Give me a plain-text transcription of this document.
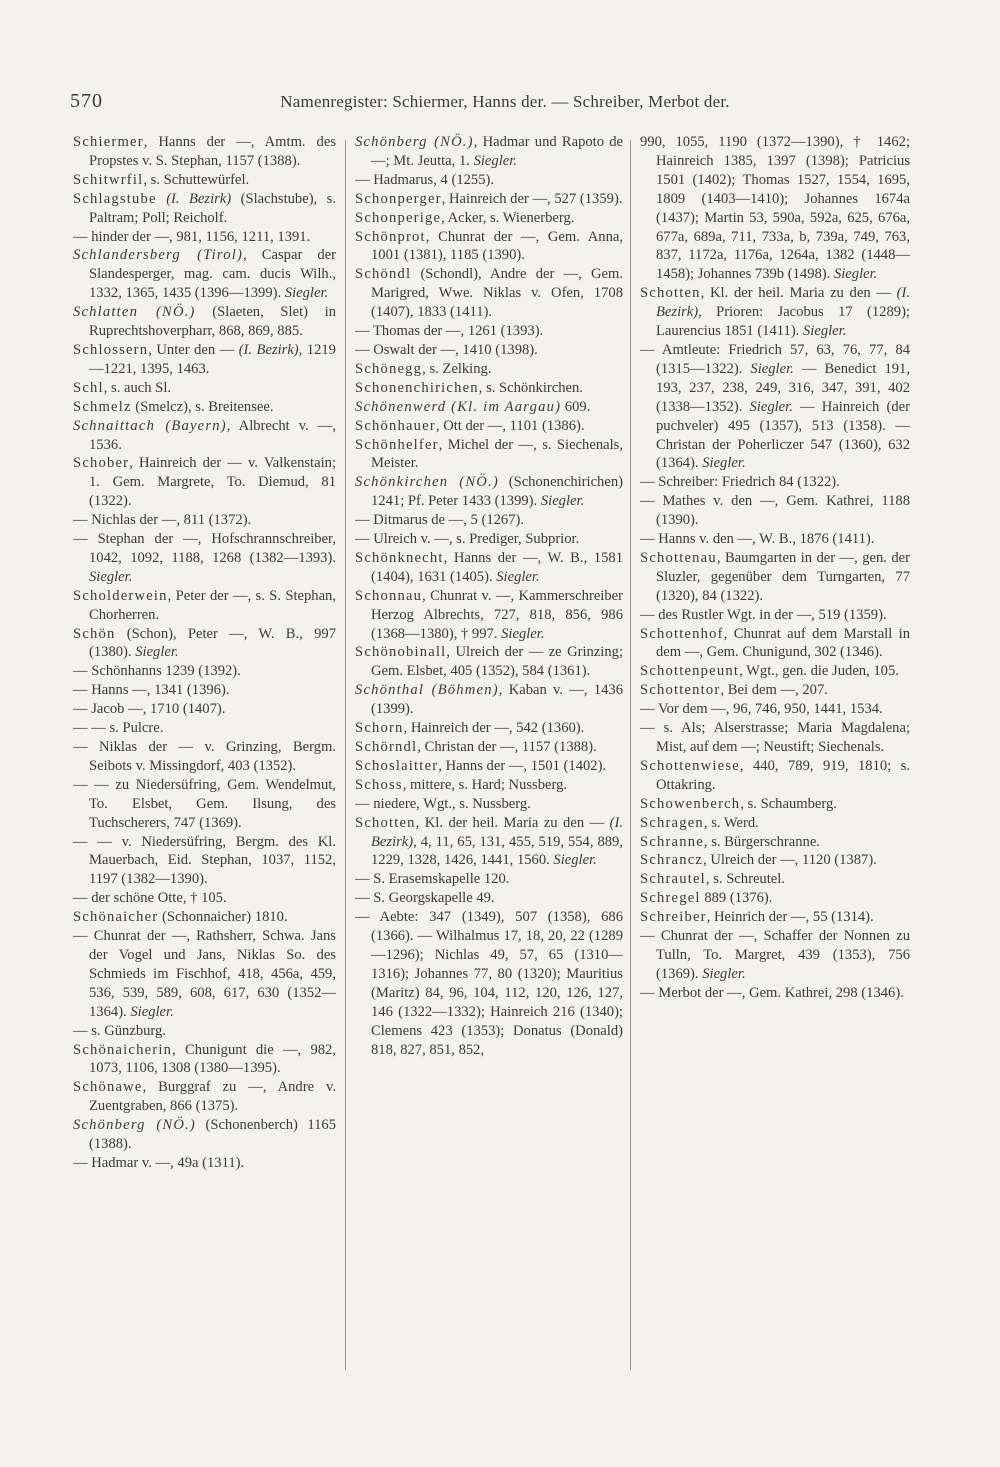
570	Namenregister: Schiermer, Hanns der. — Schreiber, Merbot der.

Schiermer, Hanns der —, Amtm. des Propstes v. S. Stephan, 1157 (1388).

Schitwrfil, s. Schuttewürfel.

Schlagstube (I. Bezirk) (Slachstube), s. Paltram; Poll; Reicholf.

— hinder der —, 981, 1156, 1211, 1391.

Schlandersberg (Tirol), Caspar der Slandesperger, mag. cam. ducis Wilh., 1332, 1365, 1435 (1396—1399). Siegler.

Schlatten (NÖ.) (Slaeten, Slet) in Ruprechtshoverpharr, 868, 869, 885.

Schlossern, Unter den — (I. Bezirk), 1219—1221, 1395, 1463.

Schl, s. auch Sl.

Schmelz (Smelcz), s. Breitensee.

Schnaittach (Bayern), Albrecht v. —, 1536.

Schober, Hainreich der — v. Valkenstain; 1. Gem. Margrete, To. Diemud, 81 (1322).

— Nichlas der —, 811 (1372).

— Stephan der —, Hofschrannschreiber, 1042, 1092, 1188, 1268 (1382—1393). Siegler.

Scholderwein, Peter der —, s. S. Stephan, Chorherren.

Schön (Schon), Peter —, W. B., 997 (1380). Siegler.

— Schönhanns 1239 (1392).

— Hanns —, 1341 (1396).

— Jacob —, 1710 (1407).

— — s. Pulcre.

— Niklas der — v. Grinzing, Bergm. Seibots v. Missingdorf, 403 (1352).

— — zu Niedersüfring, Gem. Wendelmut, To. Elsbet, Gem. Ilsung, des Tuchscherers, 747 (1369).

— — v. Niedersüfring, Bergm. des Kl. Mauerbach, Eid. Stephan, 1037, 1152, 1197 (1382—1390).

— der schöne Otte, † 105.

Schönaicher (Schonnaicher) 1810.

— Chunrat der —, Rathsherr, Schwa. Jans der Vogel und Jans, Niklas So. des Schmieds im Fischhof, 418, 456a, 459, 536, 539, 589, 608, 617, 630 (1352—1364). Siegler.

— s. Günzburg.

Schönaicherin, Chunigunt die —, 982, 1073, 1106, 1308 (1380—1395).

Schönawe, Burggraf zu —, Andre v. Zuentgraben, 866 (1375).

Schönberg (NÖ.) (Schonenberch) 1165 (1388).

— Hadmar v. —, 49a (1311).

Schönberg (NÖ.), Hadmar und Rapoto de —; Mt. Jeutta, 1. Siegler.

— Hadmarus, 4 (1255).

Schonperger, Hainreich der —, 527 (1359).

Schonperige, Acker, s. Wienerberg.

Schönprot, Chunrat der —, Gem. Anna, 1001 (1381), 1185 (1390).

Schöndl (Schondl), Andre der —, Gem. Marigred, Wwe. Niklas v. Ofen, 1708 (1407), 1833 (1411).

— Thomas der —, 1261 (1393).

— Oswalt der —, 1410 (1398).

Schönegg, s. Zelking.

Schonenchirichen, s. Schönkirchen.

Schönenwerd (Kl. im Aargau) 609.

Schönhauer, Ott der —, 1101 (1386).

Schönhelfer, Michel der —, s. Siechenals, Meister.

Schönkirchen (NÖ.) (Schonenchirichen) 1241; Pf. Peter 1433 (1399). Siegler.

— Ditmarus de —, 5 (1267).

— Ulreich v. —, s. Prediger, Subprior.

Schönknecht, Hanns der —, W. B., 1581 (1404), 1631 (1405). Siegler.

Schonnau, Chunrat v. —, Kammerschreiber Herzog Albrechts, 727, 818, 856, 986 (1368—1380), † 997. Siegler.

Schönobinall, Ulreich der — ze Grinzing; Gem. Elsbet, 405 (1352), 584 (1361).

Schönthal (Böhmen), Kaban v. —, 1436 (1399).

Schorn, Hainreich der —, 542 (1360).

Schörndl, Christan der —, 1157 (1388).

Schoslaitter, Hanns der —, 1501 (1402).

Schoss, mittere, s. Hard; Nussberg.

— niedere, Wgt., s. Nussberg.

Schotten, Kl. der heil. Maria zu den — (I. Bezirk), 4, 11, 65, 131, 455, 519, 554, 889, 1229, 1328, 1426, 1441, 1560. Siegler.

— S. Erasemskapelle 120.

— S. Georgskapelle 49.

— Aebte: 347 (1349), 507 (1358), 686 (1366). — Wilhalmus 17, 18, 20, 22 (1289—1296); Nichlas 49, 57, 65 (1310—1316); Johannes 77, 80 (1320); Mauritius (Maritz) 84, 96, 104, 112, 120, 126, 127, 146 (1322—1332); Hainreich 216 (1340); Clemens 423 (1353); Donatus (Donald) 818, 827, 851, 852,

990, 1055, 1190 (1372—1390), † 1462; Hainreich 1385, 1397 (1398); Patricius 1501 (1402); Thomas 1527, 1554, 1695, 1809 (1403—1410); Johannes 1674a (1437); Martin 53, 590a, 592a, 625, 676a, 677a, 689a, 711, 733a, b, 739a, 749, 763, 837, 1172a, 1176a, 1264a, 1382 (1448—1458); Johannes 739b (1498). Siegler.

Schotten, Kl. der heil. Maria zu den — (I. Bezirk), Prioren: Jacobus 17 (1289); Laurencius 1851 (1411). Siegler.

— Amtleute: Friedrich 57, 63, 76, 77, 84 (1315—1322). Siegler. — Benedict 191, 193, 237, 238, 249, 316, 347, 391, 402 (1338—1352). Siegler. — Hainreich (der puchveler) 495 (1357), 513 (1358). — Christan der Poherliczer 547 (1360), 632 (1364). Siegler.

— Schreiber: Friedrich 84 (1322).

— Mathes v. den —, Gem. Kathrei, 1188 (1390).

— Hanns v. den —, W. B., 1876 (1411).

Schottenau, Baumgarten in der —, gen. der Sluzler, gegenüber dem Turngarten, 77 (1320), 84 (1322).

— des Rustler Wgt. in der —, 519 (1359).

Schottenhof, Chunrat auf dem Marstall in dem —, Gem. Chunigund, 302 (1346).

Schottenpeunt, Wgt., gen. die Juden, 105.

Schottentor, Bei dem —, 207.

— Vor dem —, 96, 746, 950, 1441, 1534.

— s. Als; Alserstrasse; Maria Magdalena; Mist, auf dem —; Neustift; Siechenals.

Schottenwiese, 440, 789, 919, 1810; s. Ottakring.

Schowenberch, s. Schaumberg.

Schragen, s. Werd.

Schranne, s. Bürgerschranne.

Schrancz, Ulreich der —, 1120 (1387).

Schrautel, s. Schreutel.

Schregel 889 (1376).

Schreiber, Heinrich der —, 55 (1314).

— Chunrat der —, Schaffer der Nonnen zu Tulln, To. Margret, 439 (1353), 756 (1369). Siegler.

— Merbot der —, Gem. Kathrei, 298 (1346).
